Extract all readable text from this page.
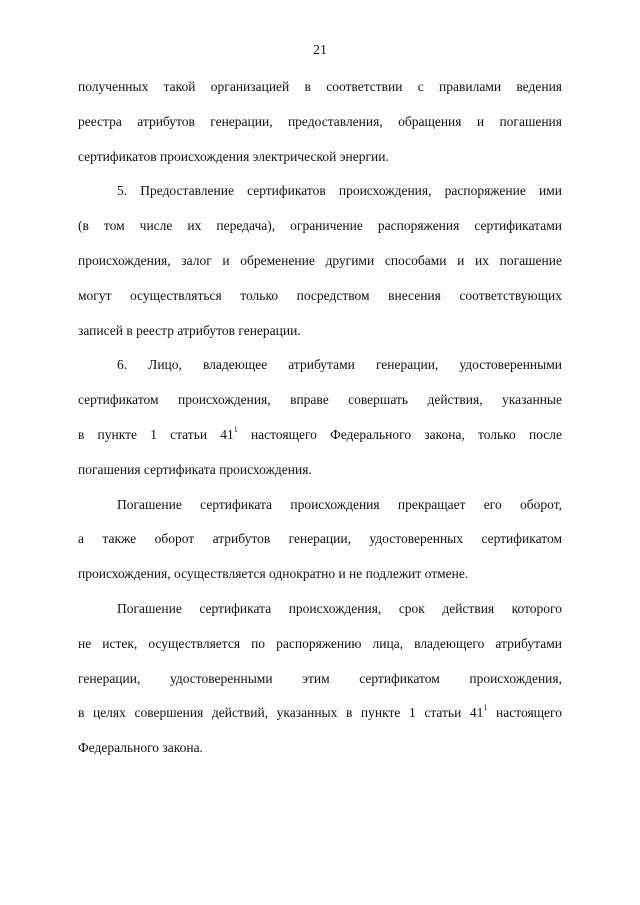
21
полученных такой организацией в соответствии с правилами ведения
реестра атрибутов генерации, предоставления, обращения и погашения
сертификатов происхождения электрической энергии.
5. Предоставление сертификатов происхождения, распоряжение ими
(в том числе их передача), ограничение распоряжения сертификатами
происхождения, залог и обременение другими способами и их погашение
могут осуществляться только посредством внесения соответствующих
записей в реестр атрибутов генерации.
6. Лицо, владеющее атрибутами генерации, удостоверенными
сертификатом происхождения, вправе совершать действия, указанные
в пункте 1 статьи $41^1$ настоящего Федерального закона, только после
погашения сертификата происхождения.
Погашение сертификата происхождения прекращает его оборот,
а также оборот атрибутов генерации, удостоверенных сертификатом
происхождения, осуществляется однократно и не подлежит отмене.
Погашение сертификата происхождения, срок действия которого
не истек, осуществляется по распоряжению лица, владеющего атрибутами
генерации, удостоверенными этим сертификатом происхождения,
в целях совершения действий, указанных в пункте 1 статьи $41^1$ настоящего
Федерального закона.
